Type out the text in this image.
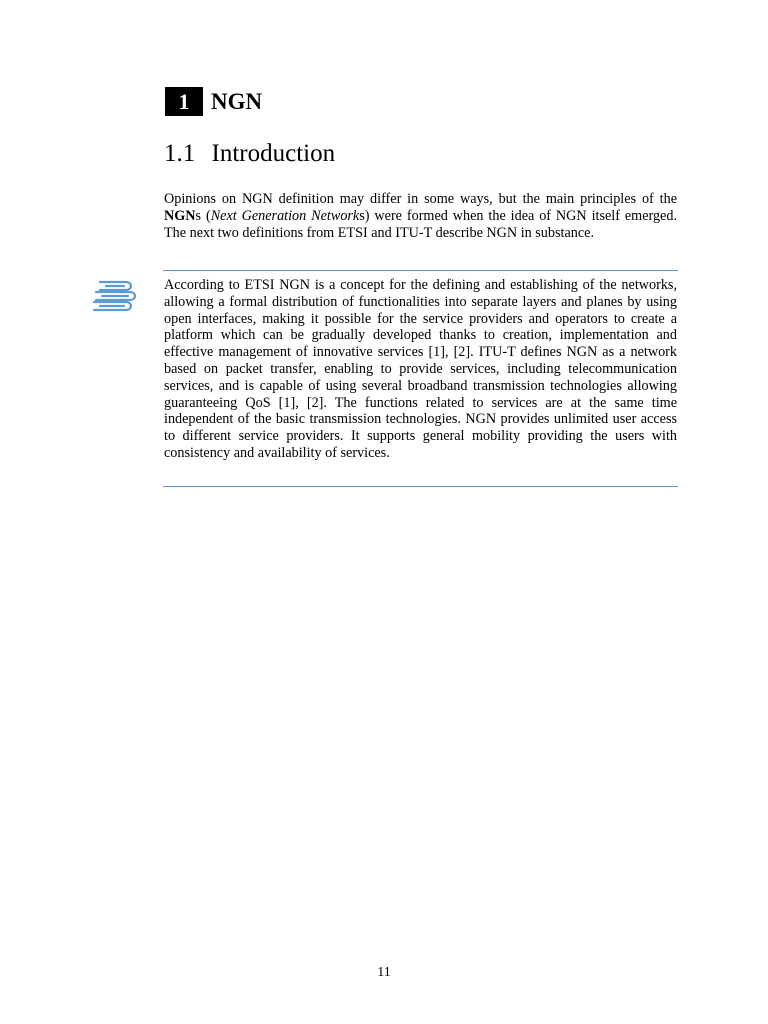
1 NGN
1.1 Introduction

Opinions on NGN definition may differ in some ways, but the main principles of the NGNs (Next Generation Networks) were formed when the idea of NGN itself emerged. The next two definitions from ETSI and ITU-T describe NGN in substance.

According to ETSI NGN is a concept for the defining and establishing of the networks, allowing a formal distribution of functionalities into separate layers and planes by using open interfaces, making it possible for the service providers and operators to create a platform which can be gradually developed thanks to creation, implementation and effective management of innovative services [1], [2]. ITU-T defines NGN as a network based on packet transfer, enabling to provide services, including telecommunication services, and is capable of using several broadband transmission technologies allowing guaranteeing QoS [1], [2]. The functions related to services are at the same time independent of the basic transmission technologies. NGN provides unlimited user access to different service providers. It supports general mobility providing the users with consistency and availability of services.

11
